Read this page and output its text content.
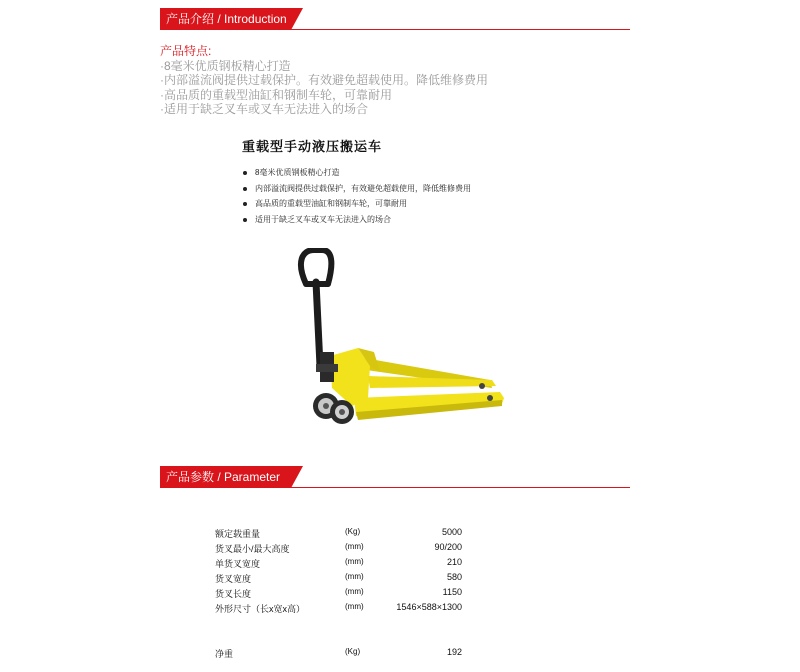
产品介绍 / Introduction
产品特点:
·8毫米优质钢板精心打造
·内部溢流阀提供过载保护。有效避免超载使用。降低维修费用
·高品质的重载型油缸和钢制车轮，可靠耐用
·适用于缺乏叉车或叉车无法进入的场合
重载型手动液压搬运车
8毫米优质钢板精心打造
内部溢流阀提供过载保护，有效避免超载使用，降低维修费用
高品质的重载型油缸和钢制车轮，可靠耐用
适用于缺乏叉车或叉车无法进入的场合
产品参数 / Parameter
额定载重量	(Kg)	5000
货叉最小/最大高度	(mm)	90/200
单货叉宽度	(mm)	210
货叉宽度	(mm)	580
货叉长度	(mm)	1150
外形尺寸（长x宽x高）	(mm)	1546×588×1300
净重	(Kg)	192
